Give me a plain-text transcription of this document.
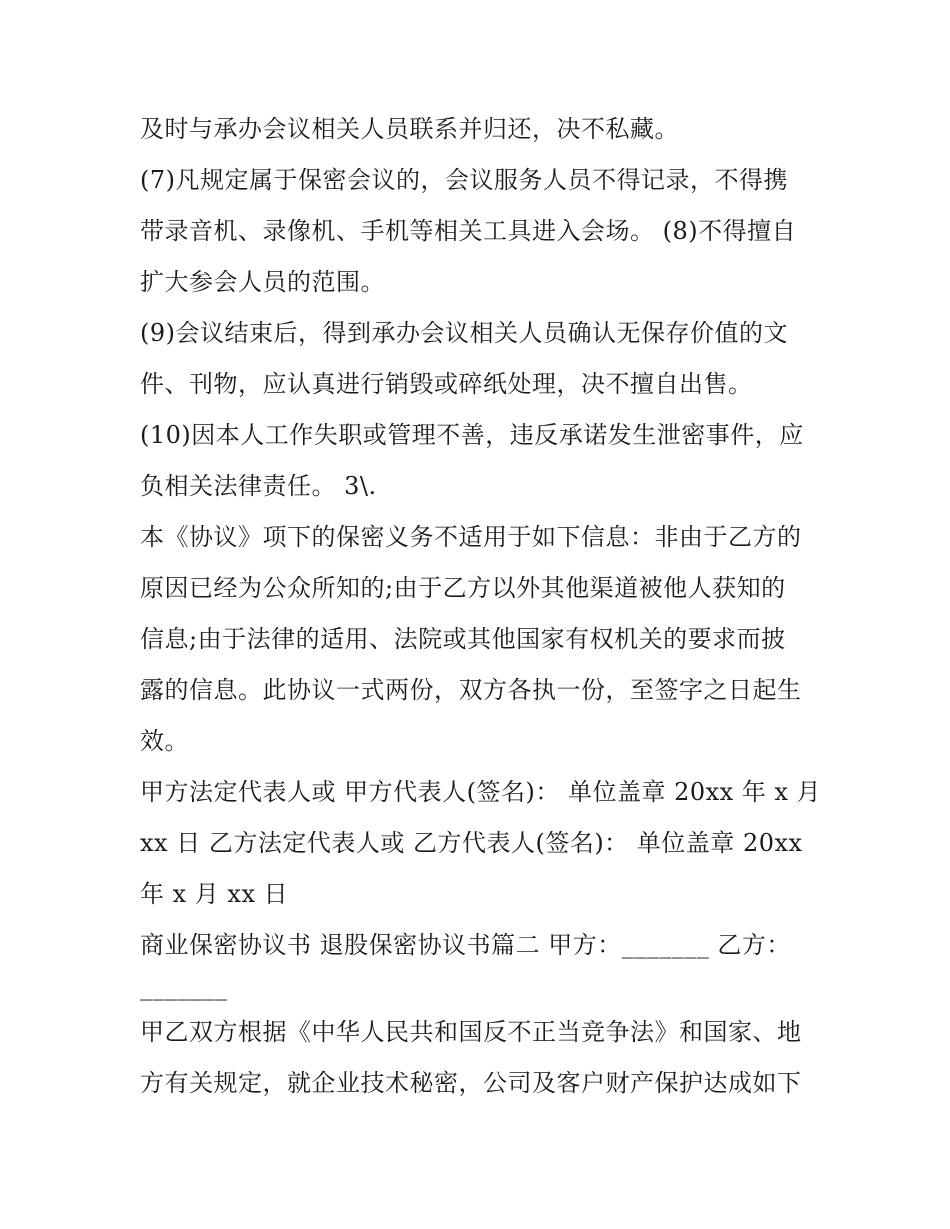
及时与承办会议相关人员联系并归还，决不私藏。
(7)凡规定属于保密会议的，会议服务人员不得记录，不得携
带录音机、录像机、手机等相关工具进入会场。 (8)不得擅自
扩大参会人员的范围。
(9)会议结束后，得到承办会议相关人员确认无保存价值的文
件、刊物，应认真进行销毁或碎纸处理，决不擅自出售。
(10)因本人工作失职或管理不善，违反承诺发生泄密事件，应
负相关法律责任。 3\.
本《协议》项下的保密义务不适用于如下信息：非由于乙方的
原因已经为公众所知的;由于乙方以外其他渠道被他人获知的
信息;由于法律的适用、法院或其他国家有权机关的要求而披
露的信息。此协议一式两份，双方各执一份，至签字之日起生
效。
甲方法定代表人或 甲方代表人(签名)： 单位盖章 20xx 年 x 月
xx 日 乙方法定代表人或 乙方代表人(签名)： 单位盖章 20xx
年 x 月 xx 日
商业保密协议书 退股保密协议书篇二 甲方：_______ 乙方：
_______
甲乙双方根据《中华人民共和国反不正当竞争法》和国家、地
方有关规定，就企业技术秘密，公司及客户财产保护达成如下
